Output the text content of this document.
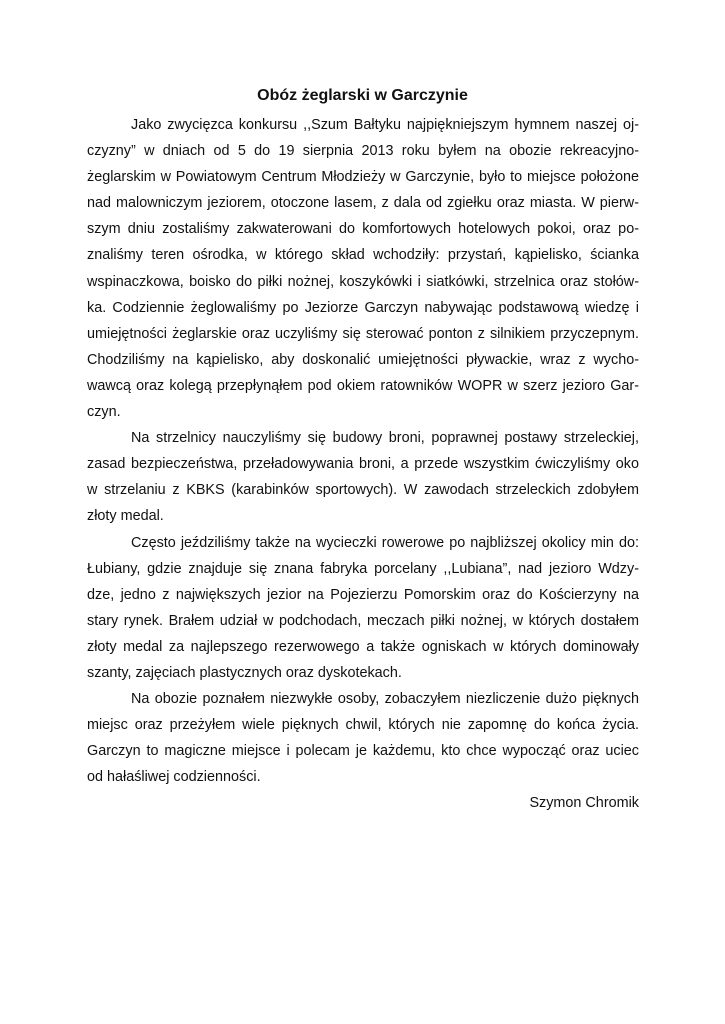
Obóz żeglarski w Garczynie
Jako zwycięzca konkursu ,,Szum Bałtyku najpiękniejszym hymnem naszej oj-
czyzny” w dniach od 5 do 19 sierpnia 2013 roku byłem na obozie rekreacyjno-
żeglarskim w Powiatowym Centrum Młodzieży w Garczynie, było to miejsce położone
nad malowniczym jeziorem, otoczone lasem, z dala od zgiełku oraz miasta. W pierw-
szym dniu zostaliśmy zakwaterowani do komfortowych hotelowych pokoi, oraz po-
znaliśmy teren ośrodka, w którego skład wchodziły: przystań, kąpielisko, ścianka
wspinaczkowa, boisko do piłki nożnej, koszykówki i siatkówki, strzelnica oraz stołów-
ka. Codziennie żeglowaliśmy po Jeziorze Garczyn nabywając podstawową wiedzę i
umiejętności żeglarskie oraz uczyliśmy się sterować ponton z silnikiem przyczepnym.
Chodziliśmy na kąpielisko, aby doskonalić umiejętności pływackie, wraz z wycho-
wawcą oraz kolegą przepłynąłem pod okiem ratowników WOPR w szerz jezioro Gar-
czyn.
Na strzelnicy nauczyliśmy się budowy broni, poprawnej postawy strzeleckiej,
zasad bezpieczeństwa, przeładowywania broni, a przede wszystkim ćwiczyliśmy oko
w strzelaniu z KBKS (karabinków sportowych). W zawodach strzeleckich zdobyłem
złoty medal.
Często jeździliśmy także na wycieczki rowerowe po najbliższej okolicy min do:
Łubiany, gdzie znajduje się znana fabryka porcelany ,,Lubiana”, nad jezioro Wdzy-
dze, jedno z największych jezior na Pojezierzu Pomorskim oraz do Kościerzyny na
stary rynek. Brałem udział w podchodach, meczach piłki nożnej, w których dostałem
złoty medal za najlepszego rezerwowego a także ogniskach w których dominowały
szanty, zajęciach plastycznych oraz dyskotekach.
Na obozie poznałem niezwykłe osoby, zobaczyłem niezliczenie dużo pięknych
miejsc oraz przeżyłem wiele pięknych chwil, których nie zapomnę do końca życia.
Garczyn to magiczne miejsce i polecam je każdemu, kto chce wypocząć oraz uciec
od hałaśliwej codzienności.
Szymon Chromik
